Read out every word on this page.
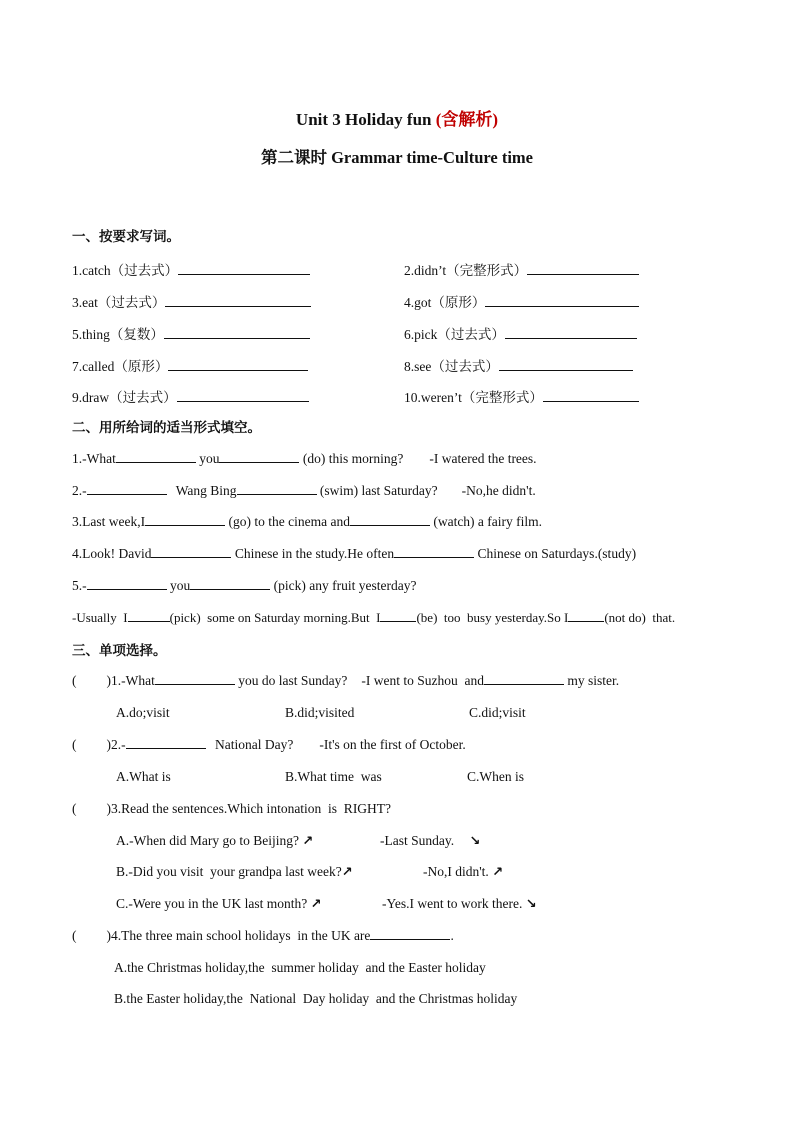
Unit 3 Holiday fun (含解析)
第二课时 Grammar time-Culture time
一、按要求写词。
1.catch（过去式）	2.didn’t（完整形式）
3.eat（过去式）	4.got（原形）
5.thing（复数）	6.pick（过去式）
7.called（原形）	8.see（过去式）
9.draw（过去式）	10.weren’t（完整形式）
二、用所给词的适当形式填空。
1.-What	you	(do) this morning? -I watered the trees.
2.-	Wang Bing	(swim) last Saturday? -No,he didn't.
3.Last week,I	(go) to the cinema and	(watch) a fairy film.
4.Look! David	Chinese in the study.He often	Chinese on Saturdays.(study)
5.-	you	(pick) any fruit yesterday?
-Usually  I	(pick)  some on Saturday morning.But  I	(be)  too  busy yesterday.So I	(not do)  that.
三、单项选择。
( )1.-What	you do last Sunday? -I went to Suzhou  and	my sister.
A.do;visit	B.did;visited	C.did;visit
( )2.-	National Day? -It's on the first of October.
A.What is	B.What time  was	C.When is
( )3.Read the sentences.Which intonation  is  RIGHT?
A.-When did Mary go to Beijing? ↗	-Last Sunday. ↘
B.-Did you visit  your grandpa last week?↗	-No,I didn't. ↗
C.-Were you in the UK last month? ↗	-Yes.I went to work there. ↘
( )4.The three main school holidays  in the UK are	.
A.the Christmas holiday,the  summer holiday  and the Easter holiday
B.the Easter holiday,the  National  Day holiday  and the Christmas holiday
